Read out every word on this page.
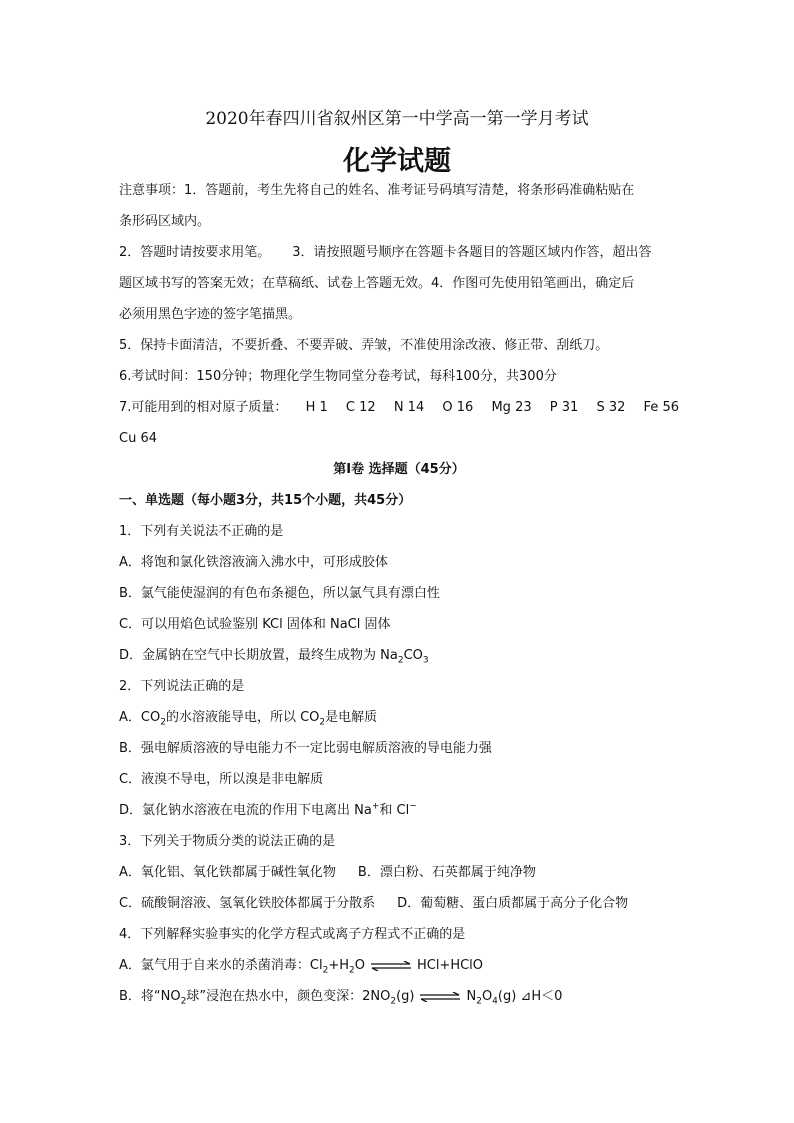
2020年春四川省叙州区第一中学高一第一学月考试
化学试题
注意事项：1．答题前，考生先将自己的姓名、准考证号码填写清楚，将条形码准确粘贴在
条形码区域内。
2．答题时请按要求用笔。 3．请按照题号顺序在答题卡各题目的答题区域内作答，超出答
题区域书写的答案无效；在草稿纸、试卷上答题无效。4．作图可先使用铅笔画出，确定后
必须用黑色字迹的签字笔描黑。
5．保持卡面清洁，不要折叠、不要弄破、弄皱，不准使用涂改液、修正带、刮纸刀。
6.考试时间：150分钟；物理化学生物同堂分卷考试，每科100分，共300分
7.可能用到的相对原子质量： H 1 C 12 N 14 O 16 Mg 23 P 31 S 32 Fe 56
Cu 64
第Ⅰ卷 选择题（45分）
一、单选题（每小题3分，共15个小题，共45分）
1．下列有关说法不正确的是
A．将饱和氯化铁溶液滴入沸水中，可形成胶体
B．氯气能使湿润的有色布条褪色，所以氯气具有漂白性
C．可以用焰色试验鉴别 KCl 固体和 NaCl 固体
D．金属钠在空气中长期放置，最终生成物为 $Na_2CO_3$
2．下列说法正确的是
A．$CO_2$的水溶液能导电，所以 $CO_2$是电解质
B．强电解质溶液的导电能力不一定比弱电解质溶液的导电能力强
C．液溴不导电，所以溴是非电解质
D．氯化钠水溶液在电流的作用下电离出 Na+和 Cl−
3．下列关于物质分类的说法正确的是
A．氧化铝、氧化铁都属于碱性氧化物 B．漂白粉、石英都属于纯净物
C．硫酸铜溶液、氢氧化铁胶体都属于分散系 D．葡萄糖、蛋白质都属于高分子化合物
4．下列解释实验事实的化学方程式或离子方程式不正确的是
A．氯气用于自来水的杀菌消毒：$Cl_2+H_2O$ ⇌ HCl+HClO
B．将“$NO_2$球”浸泡在热水中，颜色变深：$2NO_2(g)$ ⇌ $N_2O_4(g)$ ⊿H＜0
